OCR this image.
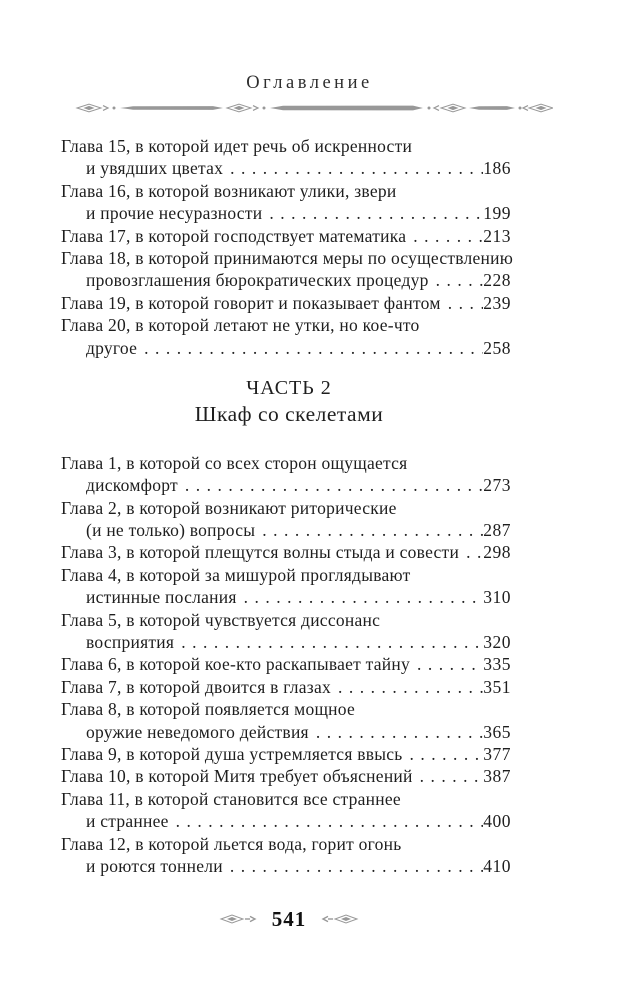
Оглавление
Глава 15, в которой идет речь об искренности
и увядших цветах .....	186
Глава 16, в которой возникают улики, звери
и прочие несуразности .....	199
Глава 17, в которой господствует математика .....	213
Глава 18, в которой принимаются меры по осуществлению
провозглашения бюрократических процедур .....	228
Глава 19, в которой говорит и показывает фантом ..... 239
Глава 20, в которой летают не утки, но кое-что
другое .....	258
ЧАСТЬ 2
Шкаф со скелетами
Глава 1, в которой со всех сторон ощущается
дискомфорт .....	273
Глава 2, в которой возникают риторические
(и не только) вопросы .....	287
Глава 3, в которой плещутся волны стыда и совести ..... 298
Глава 4, в которой за мишурой проглядывают
истинные послания .....	310
Глава 5, в которой чувствуется диссонанс
восприятия .....	320
Глава 6, в которой кое-кто раскапывает тайну .....	335
Глава 7, в которой двоится в глазах .....	351
Глава 8, в которой появляется мощное
оружие неведомого действия .....	365
Глава 9, в которой душа устремляется ввысь .....	377
Глава 10, в которой Митя требует объяснений .....	387
Глава 11, в которой становится все страннее
и страннее .....	400
Глава 12, в которой льется вода, горит огонь
и роются тоннели .....	410
541
